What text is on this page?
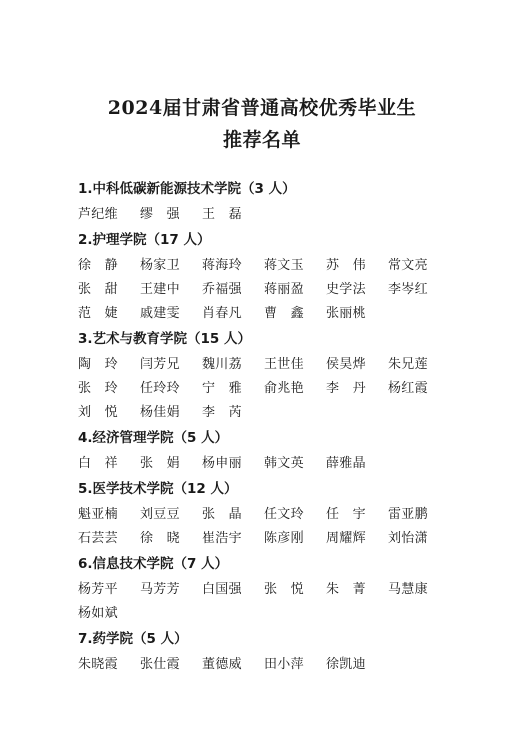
2024届甘肃省普通高校优秀毕业生
推荐名单
1.中科低碳新能源技术学院（3 人）
芦纪维	缪　强	王　磊
2.护理学院（17 人）
徐　静	杨家卫	蒋海玲	蒋文玉	苏　伟	常文亮
张　甜	王建中	乔福强	蒋丽盈	史学法	李岑红
范　婕	戚建雯	肖春凡	曹　鑫	张丽桃
3.艺术与教育学院（15 人）
陶　玲	闫芳兄	魏川荔	王世佳	侯昊烨	朱兄莲
张　玲	任玲玲	宁　雅	俞兆艳	李　丹	杨红霞
刘　悦	杨佳娟	李　芮
4.经济管理学院（5 人）
白　祥	张　娟	杨申丽	韩文英	薛雅晶
5.医学技术学院（12 人）
魁亚楠	刘豆豆	张　晶	任文玲	任　宇	雷亚鹏
石芸芸	徐　晓	崔浩宇	陈彦刚	周耀辉	刘怡潇
6.信息技术学院（7 人）
杨芳平	马芳芳	白国强	张　悦	朱　菁	马慧康
杨如斌
7.药学院（5 人）
朱晓霞	张仕霞	董德威	田小萍	徐凯迪
